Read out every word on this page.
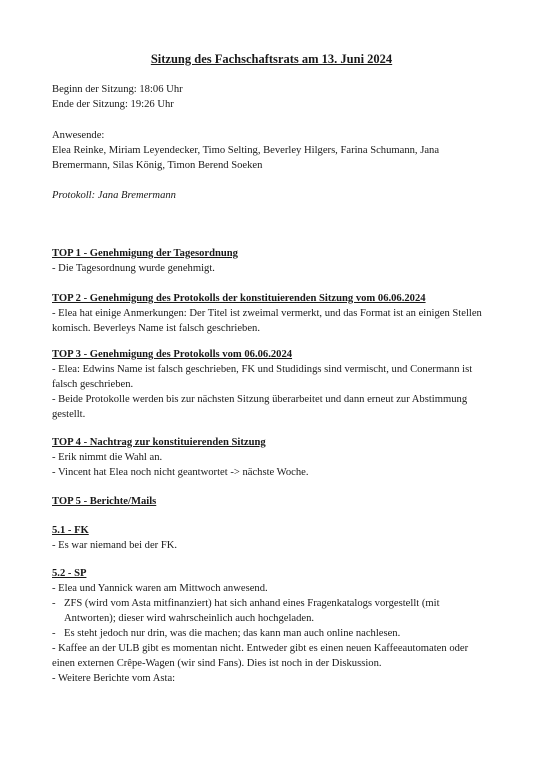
Sitzung des Fachschaftsrats am 13. Juni 2024

Beginn der Sitzung: 18:06 Uhr

Ende der Sitzung: 19:26 Uhr

Anwesende:

Elea Reinke, Miriam Leyendecker, Timo Selting, Beverley Hilgers, Farina Schumann, Jana Bremermann, Silas König, Timon Berend Soeken

Protokoll: Jana Bremermann

TOP 1 - Genehmigung der Tagesordnung

- Die Tagesordnung wurde genehmigt.

TOP 2 - Genehmigung des Protokolls der konstituierenden Sitzung vom 06.06.2024

- Elea hat einige Anmerkungen: Der Titel ist zweimal vermerkt, und das Format ist an einigen Stellen komisch. Beverleys Name ist falsch geschrieben.

TOP 3 - Genehmigung des Protokolls vom 06.06.2024

- Elea: Edwins Name ist falsch geschrieben, FK und Studidings sind vermischt, und Conermann ist falsch geschrieben.

- Beide Protokolle werden bis zur nächsten Sitzung überarbeitet und dann erneut zur Abstimmung gestellt.

TOP 4 - Nachtrag zur konstituierenden Sitzung

- Erik nimmt die Wahl an.

- Vincent hat Elea noch nicht geantwortet -> nächste Woche.

TOP 5 - Berichte/Mails

5.1 - FK

- Es war niemand bei der FK.

5.2 - SP

- Elea und Yannick waren am Mittwoch anwesend.

- ZFS (wird vom Asta mitfinanziert) hat sich anhand eines Fragenkatalogs vorgestellt (mit Antworten); dieser wird wahrscheinlich auch hochgeladen.

- Es steht jedoch nur drin, was die machen; das kann man auch online nachlesen.

- Kaffee an der ULB gibt es momentan nicht. Entweder gibt es einen neuen Kaffeeautomaten oder einen externen Crêpe-Wagen (wir sind Fans). Dies ist noch in der Diskussion.

- Weitere Berichte vom Asta:
